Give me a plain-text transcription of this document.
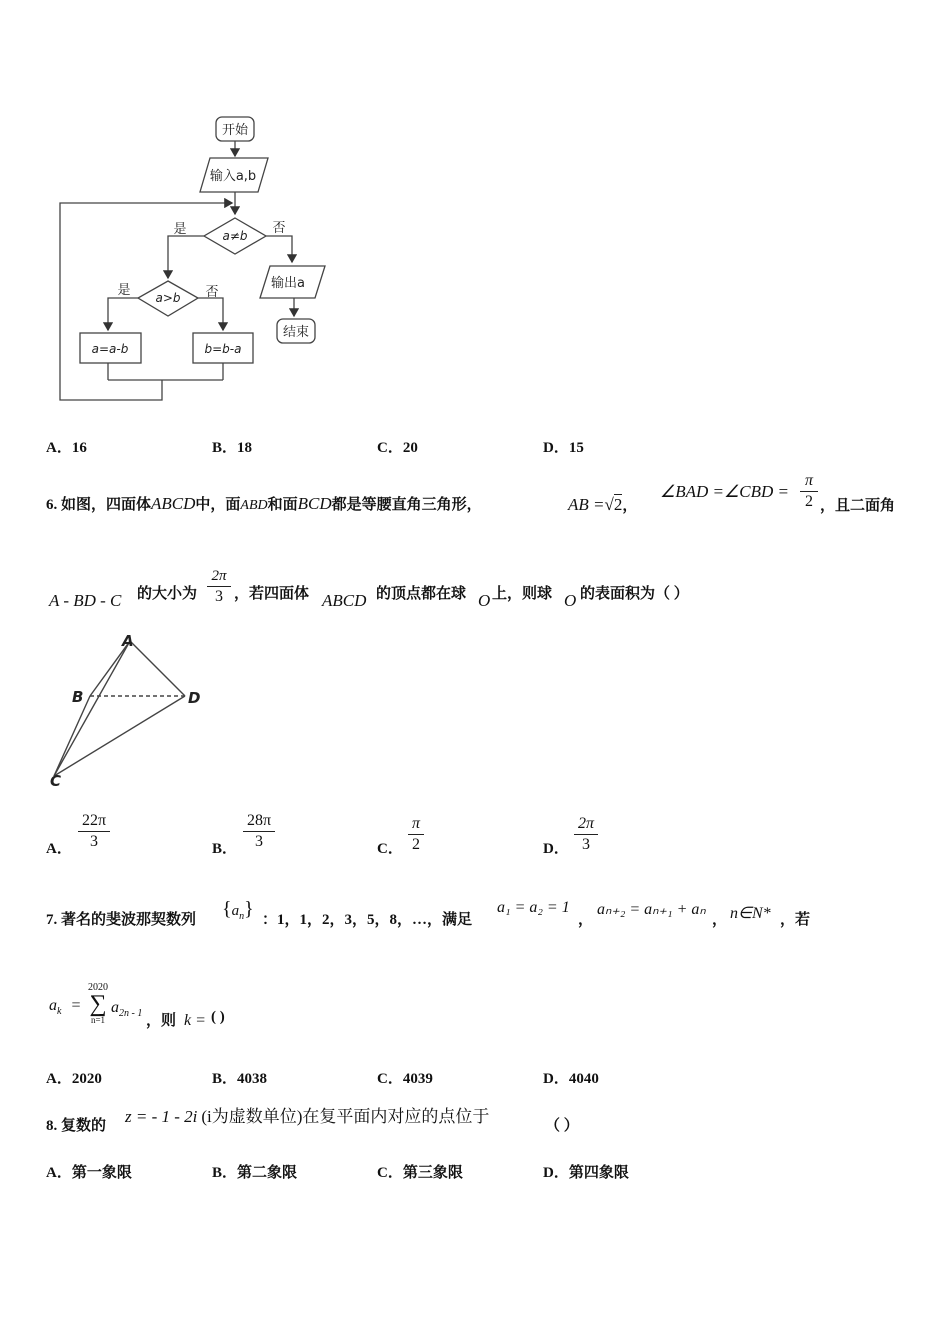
开始
输入a,b
a≠b
是	否
输出a
结束
a>b
是	否
a=a-b	b=b-a
A．16	B．18	C．20	D．15
6. 如图，四面体ABCD中，面ABD和面BCD都是等腰直角三角形，	AB =√2，
∠BAD =∠CBD =
π
2 ，且二面角
A - BD - C 的大小为
2π
3 ，若四面体 ABCD 的顶点都在球 O 上，则球 O 的表面积为（ ）
A
B	D
C
A．
22π
3	B．
28π
3	C．
π
2	D．
2π
3
7. 著名的斐波那契数列 $\{a_n\}$ ：1，1，2，3，5，8，…，满足
a₁ = a₂ = 1
，
aₙ₊₂ = aₙ₊₁ + aₙ
， n∈N* ，若
$a_k$ =
2020
∑
n=1
$a_{2n - 1}$ ，则 k = ( )
A．2020	B．4038	C．4039	D．4040
8. 复数的 z = - 1 - 2i (i为虚数单位)在复平面内对应的点位于	（ ）
A．第一象限	B．第二象限	C．第三象限	D．第四象限
